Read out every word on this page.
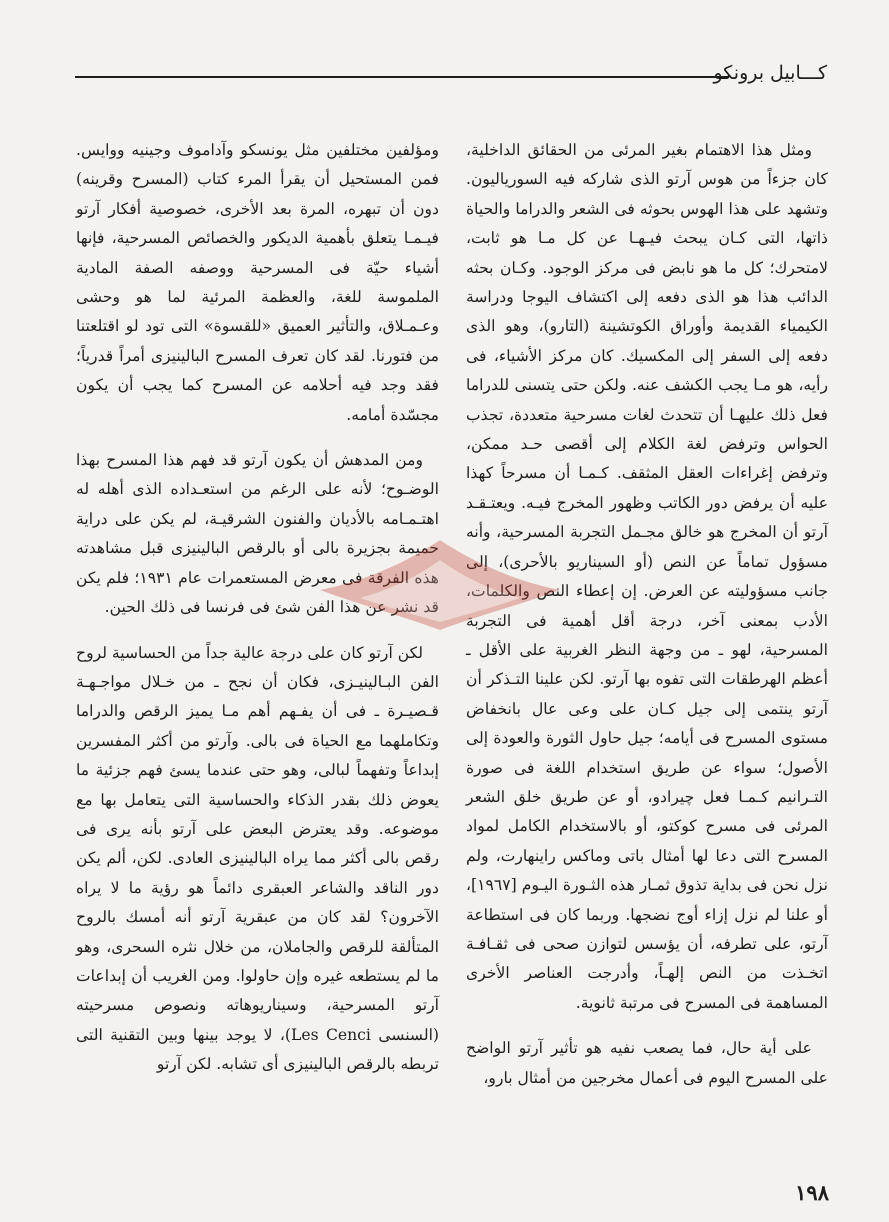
كـــابيل برونكو

ومثل هذا الاهتمام بغير المرئى من الحقائق الداخلية، كان جزءاً من هوس آرتو الذى شاركه فيه السورياليون. وتشهد على هذا الهوس بحوثه فى الشعر والدراما والحياة ذاتها، التى كـان يبحث فيـهـا عن كل مـا هو ثابت، لامتحرك؛ كل ما هو نابض فى مركز الوجود. وكـان بحثه الدائب هذا هو الذى دفعه إلى اكتشاف اليوجا ودراسة الكيمياء القديمة وأوراق الكوتشينة (التارو)، وهو الذى دفعه إلى السفر إلى المكسيك. كان مركز الأشياء، فى رأيه، هو مـا يجب الكشف عنه. ولكن حتى يتسنى للدراما فعل ذلك عليهـا أن تتحدث لغات مسرحية متعددة، تجذب الحواس وترفض لغة الكلام إلى أقصى حـد ممكن، وترفض إغراءات العقل المثقف. كـمـا أن مسرحاً كهذا عليه أن يرفض دور الكاتب وظهور المخرج فيـه. ويعتـقـد آرتو أن المخرج هو خالق مجـمل التجربة المسرحية، وأنه مسؤول تماماً عن النص (أو السيناريو بالأحرى)، إلى جانب مسؤوليته عن العرض. إن إعطاء النص والكلمات، الأدب بمعنى آخر، درجة أقل أهمية فى التجربة المسرحية، لهو ـ من وجهة النظر الغربية على الأقل ـ أعظم الهرطقات التى تفوه بها آرتو. لكن علينا التـذكر أن آرتو ينتمى إلى جيل كـان على وعى عال بانخفاض مستوى المسرح فى أيامه؛ جيل حاول الثورة والعودة إلى الأصول؛ سواء عن طريق استخدام اللغة فى صورة التـرانيم كـمـا فعل چيرادو، أو عن طريق خلق الشعر المرئى فى مسرح كوكتو، أو بالاستخدام الكامل لمواد المسرح التى دعا لها أمثال باتى وماكس راينهارت، ولم نزل نحن فى بداية تذوق ثمـار هذه الثـورة اليـوم [١٩٦٧]، أو علنا لم نزل إزاء أوج نضجها. وربما كان فى استطاعة آرتو، على تطرفه، أن يؤسس لتوازن صحى فى ثقـافـة اتخـذت من النص إلهـاً، وأدرجت العناصر الأخرى المساهمة فى المسرح فى مرتبة ثانوية.

على أية حال، فما يصعب نفيه هو تأثير آرتو الواضح على المسرح اليوم فى أعمال مخرجين من أمثال بارو،

ومؤلفين مختلفين مثل يونسكو وآداموف وجينيه ووايس. فمن المستحيل أن يقرأ المرء كتاب (المسرح وقرينه) دون أن تبهره، المرة بعد الأخرى، خصوصية أفكار آرتو فيـمـا يتعلق بأهمية الديكور والخصائص المسرحية، فإنها أشياء حيّة فى المسرحية ووصفه الصفة المادية الملموسة للغة، والعظمة المرئية لما هو وحشى وعـمـلاق، والتأثير العميق «للقسوة» التى تود لو اقتلعتنا من فتورنا. لقد كان تعرف المسرح البالينيزى أمراً قدرياً؛ فقد وجد فيه أحلامه عن المسرح كما يجب أن يكون مجسّدة أمامه.

ومن المدهش أن يكون آرتو قد فهم هذا المسرح بهذا الوضـوح؛ لأنه على الرغم من استعـداده الذى أهله له اهتـمـامه بالأديان والفنون الشرقيـة، لم يكن على دراية حميمة بجزيرة بالى أو بالرقص البالينيزى قبل مشاهدته هذه الفرقة فى معرض المستعمرات عام ١٩٣١؛ فلم يكن قد نشر عن هذا الفن شئ فى فرنسا فى ذلك الحين.

لكن آرتو كان على درجة عالية جداً من الحساسية لروح الفن البـالينيـزى، فكان أن نجح ـ من خـلال مواجـهـة قـصيـرة ـ فى أن يفـهم أهم مـا يميز الرقص والدراما وتكاملهما مع الحياة فى بالى. وآرتو من أكثر المفسرين إبداعاً وتفهماً لبالى، وهو حتى عندما يسئ فهم جزئية ما يعوض ذلك بقدر الذكاء والحساسية التى يتعامل بها مع موضوعه. وقد يعترض البعض على آرتو بأنه يرى فى رقص بالى أكثر مما يراه البالينيزى العادى. لكن، ألم يكن دور الناقد والشاعر العبقرى دائماً هو رؤية ما لا يراه الآخرون؟ لقد كان من عبقرية آرتو أنه أمسك بالروح المتألقة للرقص والجاملان، من خلال نثره السحرى، وهو ما لم يستطعه غيره وإن حاولوا. ومن الغريب أن إبداعات آرتو المسرحية، وسيناريوهاته ونصوص مسرحيته (السنسى Les Cenci)، لا يوجد بينها وبين التقنية التى تربطه بالرقص البالينيزى أى تشابه. لكن آرتو

١٩٨
